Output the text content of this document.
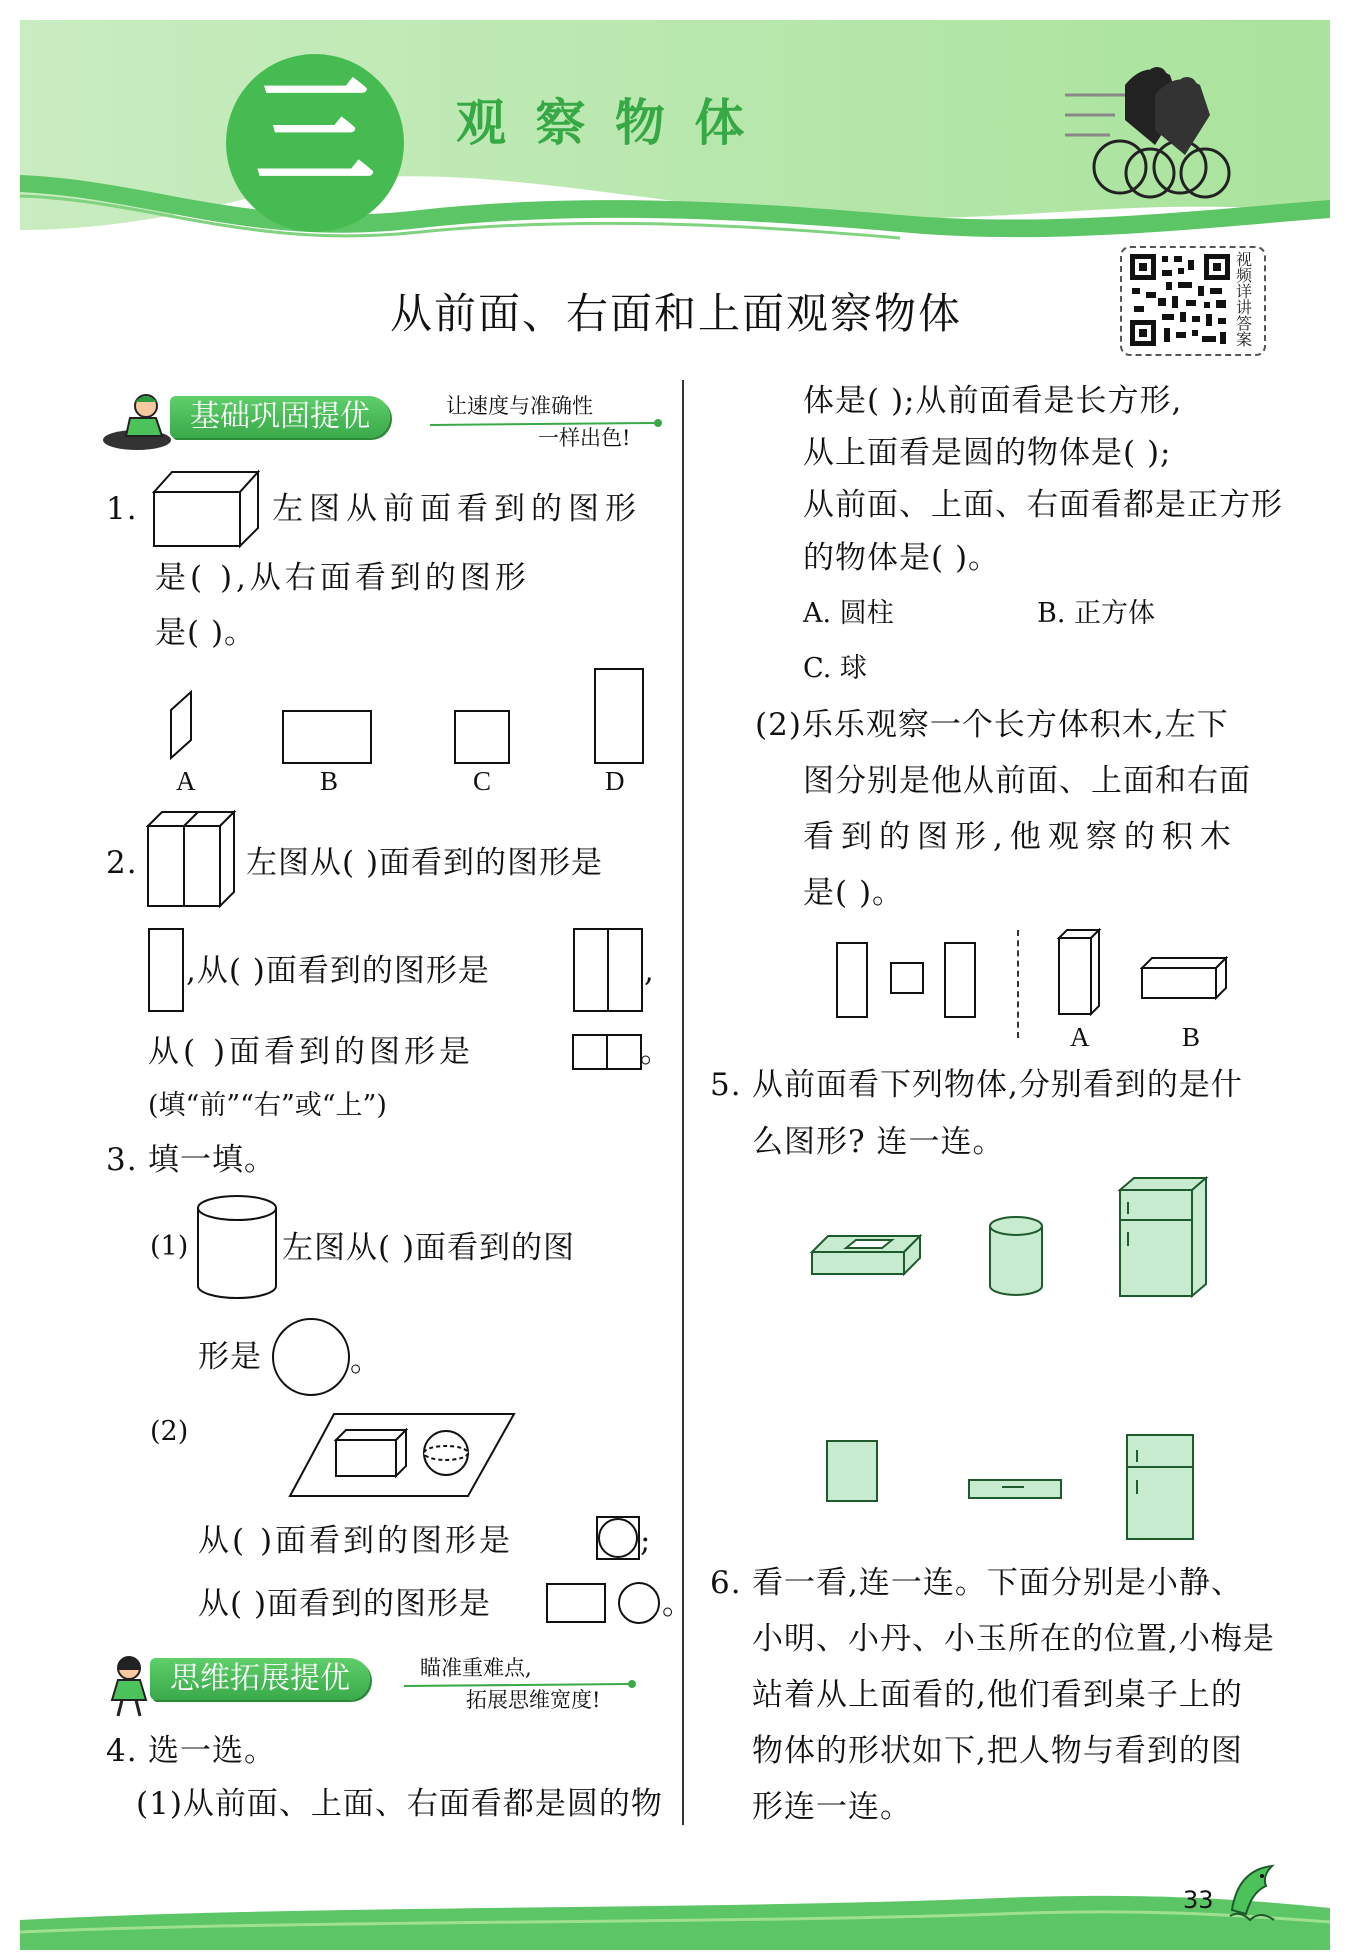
三	观 察 物 体
从前面、右面和上面观察物体
视频详讲答案
基础巩固提优	让速度与准确性
一样出色!
1.	左图从前面看到的图形
是( ),从右面看到的图形
是( )。
A	B	C	D
2.	左图从( )面看到的图形是
,从( )面看到的图形是	,
从( )面看到的图形是	。
(填“前”“右”或“上”)
3. 填一填。
(1)	左图从( )面看到的图
形是	。
(2)
从( )面看到的图形是	;
从( )面看到的图形是	。
思维拓展提优	瞄准重难点,
拓展思维宽度!
4. 选一选。
(1)从前面、上面、右面看都是圆的物
体是( );从前面看是长方形,
从上面看是圆的物体是( );
从前面、上面、右面看都是正方形
的物体是( )。
A. 圆柱	B. 正方体
C. 球
(2)乐乐观察一个长方体积木,左下
图分别是他从前面、上面和右面
看到的图形,他观察的积木
是( )。
A	B
5. 从前面看下列物体,分别看到的是什
么图形? 连一连。
6. 看一看,连一连。下面分别是小静、
小明、小丹、小玉所在的位置,小梅是
站着从上面看的,他们看到桌子上的
物体的形状如下,把人物与看到的图
形连一连。
33
